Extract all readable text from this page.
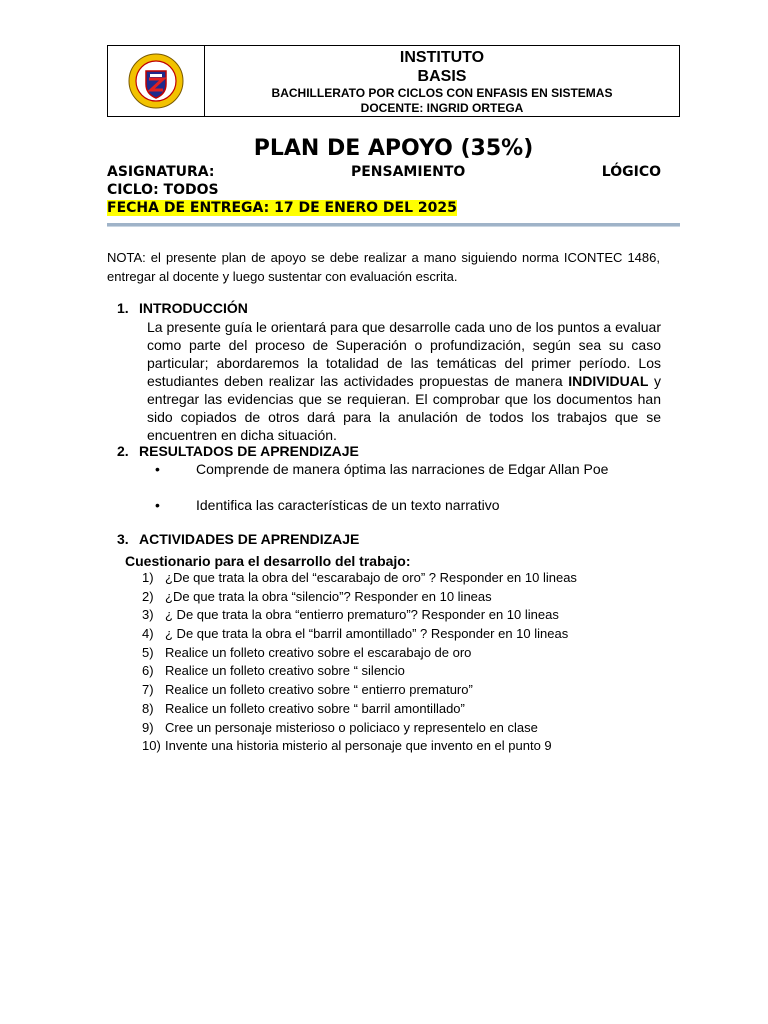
INSTITUTO
BASIS
BACHILLERATO POR CICLOS CON ENFASIS EN SISTEMAS
DOCENTE: INGRID ORTEGA
PLAN DE APOYO (35%)
ASIGNATURA:	PENSAMIENTO	LÓGICO
CICLO: TODOS
FECHA DE ENTREGA: 17 DE ENERO DEL 2025
NOTA: el presente plan de apoyo se debe realizar a mano siguiendo norma ICONTEC 1486, entregar al docente y luego sustentar con evaluación escrita.
1. INTRODUCCIÓN
La presente guía le orientará para que desarrolle cada uno de los puntos a evaluar como parte del proceso de Superación o profundización, según sea su caso particular; abordaremos la totalidad de las temáticas del primer período. Los estudiantes deben realizar las actividades propuestas de manera INDIVIDUAL y entregar las evidencias que se requieran. El comprobar que los documentos han sido copiados de otros dará para la anulación de todos los trabajos que se encuentren en dicha situación.
2. RESULTADOS DE APRENDIZAJE
•	Comprende de manera óptima las narraciones de Edgar Allan Poe
•	Identifica las características de un texto narrativo
3. ACTIVIDADES DE APRENDIZAJE
Cuestionario para el desarrollo del trabajo:
1) ¿De que trata la obra del “escarabajo de oro” ? Responder en 10 lineas
2) ¿De que trata la obra “silencio”? Responder en 10 lineas
3) ¿ De que trata la obra “entierro prematuro”? Responder en 10 lineas
4) ¿ De que trata la obra el “barril amontillado” ? Responder en 10 lineas
5) Realice un folleto creativo sobre el escarabajo de oro
6) Realice un folleto creativo sobre “ silencio
7) Realice un folleto creativo sobre “ entierro prematuro”
8) Realice un folleto creativo sobre “ barril amontillado”
9) Cree un personaje misterioso o policiaco y representelo en clase
10) Invente una historia misterio al personaje que invento en el punto 9
